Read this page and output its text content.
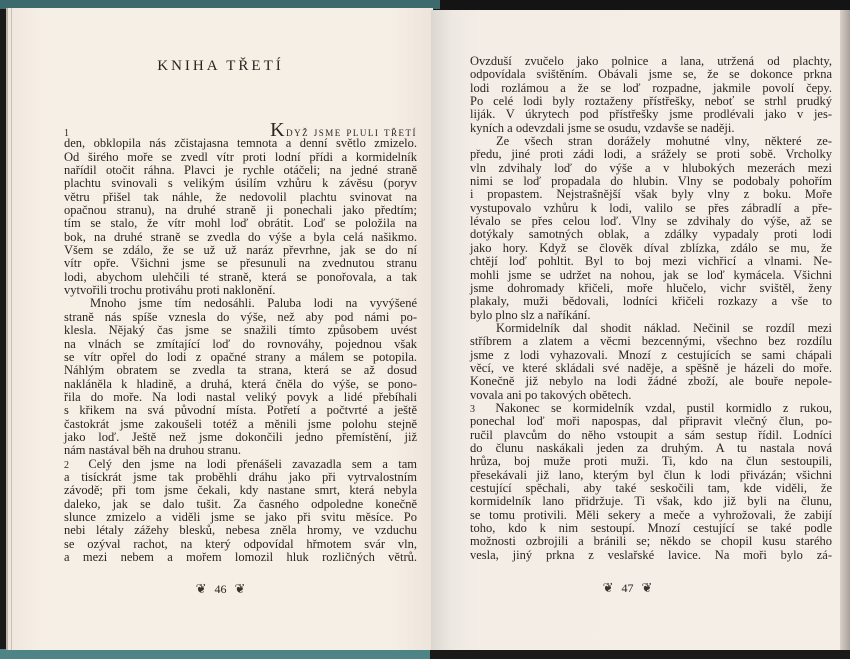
KNIHA TŘETÍ
1	Když jsme pluli třetí
den, obklopila nás zčistajasna temnota a denní světlo zmizelo.
Od širého moře se zvedl vítr proti lodní přídi a kormidelník
nařídil otočit ráhna. Plavci je rychle otáčeli; na jedné straně
plachtu svinovali s velikým úsilím vzhůru k závěsu (poryv
větru přišel tak náhle, že nedovolil plachtu svinovat na
opačnou stranu), na druhé straně ji ponechali jako předtím;
tím se stalo, že vítr mohl loď obrátit. Loď se položila na
bok, na druhé straně se zvedla do výše a byla celá našikmo.
Všem se zdálo, že se už už naráz převrhne, jak se do ní
vítr opře. Všichni jsme se přesunuli na zvednutou stranu
lodi, abychom ulehčili té straně, která se ponořovala, a tak
vytvořili trochu protiváhu proti naklonění.
Mnoho jsme tím nedosáhli. Paluba lodi na vyvýšené
straně nás spíše vznesla do výše, než aby pod námi po-
klesla. Nějaký čas jsme se snažili tímto způsobem uvést
na vlnách se zmítající loď do rovnováhy, pojednou však
se vítr opřel do lodi z opačné strany a málem se potopila.
Náhlým obratem se zvedla ta strana, která se až dosud
nakláněla k hladině, a druhá, která čněla do výše, se pono-
řila do moře. Na lodi nastal veliký povyk a lidé přebíhali
s křikem na svá původní místa. Potřetí a počtvrté a ještě
častokrát jsme zakoušeli totéž a měnili jsme polohu stejně
jako loď. Ještě než jsme dokončili jedno přemístění, již
nám nastával běh na druhou stranu.
2 Celý den jsme na lodi přenášeli zavazadla sem a tam
a tisíckrát jsme tak proběhli dráhu jako při vytrvalostním
závodě; při tom jsme čekali, kdy nastane smrt, která nebyla
daleko, jak se dalo tušit. Za časného odpoledne konečně
slunce zmizelo a viděli jsme se jako při svitu měsíce. Po
nebi létaly zážehy blesků, nebesa zněla hromy, ve vzduchu
se ozýval rachot, na který odpovídal hřmotem svár vln,
a mezi nebem a mořem lomozil hluk rozličných větrů.
❦ 46 ❦
Ovzduší zvučelo jako polnice a lana, utržená od plachty,
odpovídala svištěním. Obávali jsme se, že se dokonce prkna
lodi rozlámou a že se loď rozpadne, jakmile povolí čepy.
Po celé lodi byly roztaženy přístřešky, neboť se strhl prudký
liják. V úkrytech pod přístřešky jsme prodlévali jako v jes-
kyních a odevzdali jsme se osudu, vzdavše se naději.
Ze všech stran dorážely mohutné vlny, některé ze-
předu, jiné proti zádi lodi, a srážely se proti sobě. Vrcholky
vln zdvihaly loď do výše a v hlubokých mezerách mezi
nimi se loď propadala do hlubin. Vlny se podobaly pohořím
i propastem. Nejstrašnější však byly vlny z boku. Moře
vystupovalo vzhůru k lodi, valilo se přes zábradlí a pře-
lévalo se přes celou loď. Vlny se zdvihaly do výše, až se
dotýkaly samotných oblak, a zdálky vypadaly proti lodi
jako hory. Když se člověk díval zblízka, zdálo se mu, že
chtějí loď pohltit. Byl to boj mezi vichřicí a vlnami. Ne-
mohli jsme se udržet na nohou, jak se loď kymácela. Všichni
jsme dohromady křičeli, moře hlučelo, vichr svištěl, ženy
plakaly, muži bědovali, lodníci křičeli rozkazy a vše to
bylo plno slz a naříkání.
Kormidelník dal shodit náklad. Nečinil se rozdíl mezi
stříbrem a zlatem a věcmi bezcennými, všechno bez rozdílu
jsme z lodi vyhazovali. Mnozí z cestujících se sami chápali
věcí, ve které skládali své naděje, a spěšně je házeli do moře.
Konečně již nebylo na lodi žádné zboží, ale bouře nepole-
vovala ani po takových obětech.
3 Nakonec se kormidelník vzdal, pustil kormidlo z rukou,
ponechal loď moři napospas, dal připravit vlečný člun, po-
ručil plavcům do něho vstoupit a sám sestup řídil. Lodníci
do člunu naskákali jeden za druhým. A tu nastala nová
hrůza, boj muže proti muži. Ti, kdo na člun sestoupili,
přesekávali již lano, kterým byl člun k lodi přivázán; všichni
cestující spěchali, aby také seskočili tam, kde viděli, že
kormidelník lano přidržuje. Ti však, kdo již byli na člunu,
se tomu protivili. Měli sekery a meče a vyhrožovali, že zabijí
toho, kdo k nim sestoupí. Mnozí cestující se také podle
možnosti ozbrojili a bránili se; někdo se chopil kusu starého
vesla, jiný prkna z veslařské lavice. Na moři bylo zá-
❦ 47 ❦
